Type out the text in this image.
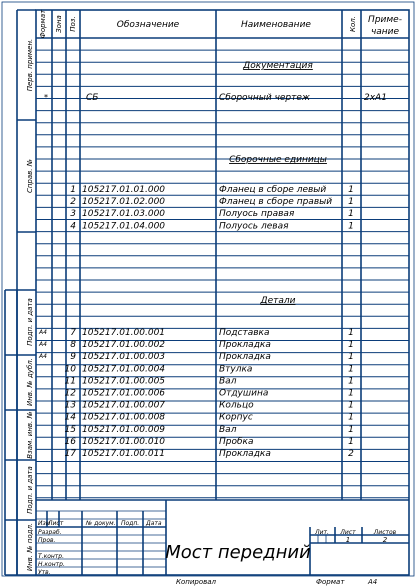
Перв. примен.
Справ. №
Подп. и дата
Инв. № дубл.
Взам. инв. №
Подп. и дата
Инв. № подл.
Формат Зона Поз.	Обозначение	Наименование	Кол. Приме-
чание
Документация
Сборочные единицы
Детали
*	СБ	Сборочный чертеж	2хА1
1 105217.01.01.000	Фланец в сборе левый 1
2 105217.01.02.000	Фланец в сборе правый 1
3 105217.01.03.000	Полуось правая	1
4 105217.01.04.000	Полуось левая	1
А4	7 105217.01.00.001	Подставка	1
А4	8 105217.01.00.002	Прокладка	1
А4	9 105217.01.00.003	Прокладка	1
10 105217.01.00.004	Втулка	1
11 105217.01.00.005	Вал	1
12 105217.01.00.006	Отдушина	1
13 105217.01.00.007	Кольцо	1
14 105217.01.00.008	Корпус	1
15 105217.01.00.009	Вал	1
16 105217.01.00.010	Пробка	1
17 105217.01.00.011	Прокладка	2
Изм
Лист	№ докум. Подп. Дата
Разраб.
Пров.
Т.контр.
Н.контр.
Утв.
Мост передний
Лит. Лист	Листов
1	2
Копировал	Формат	А4
